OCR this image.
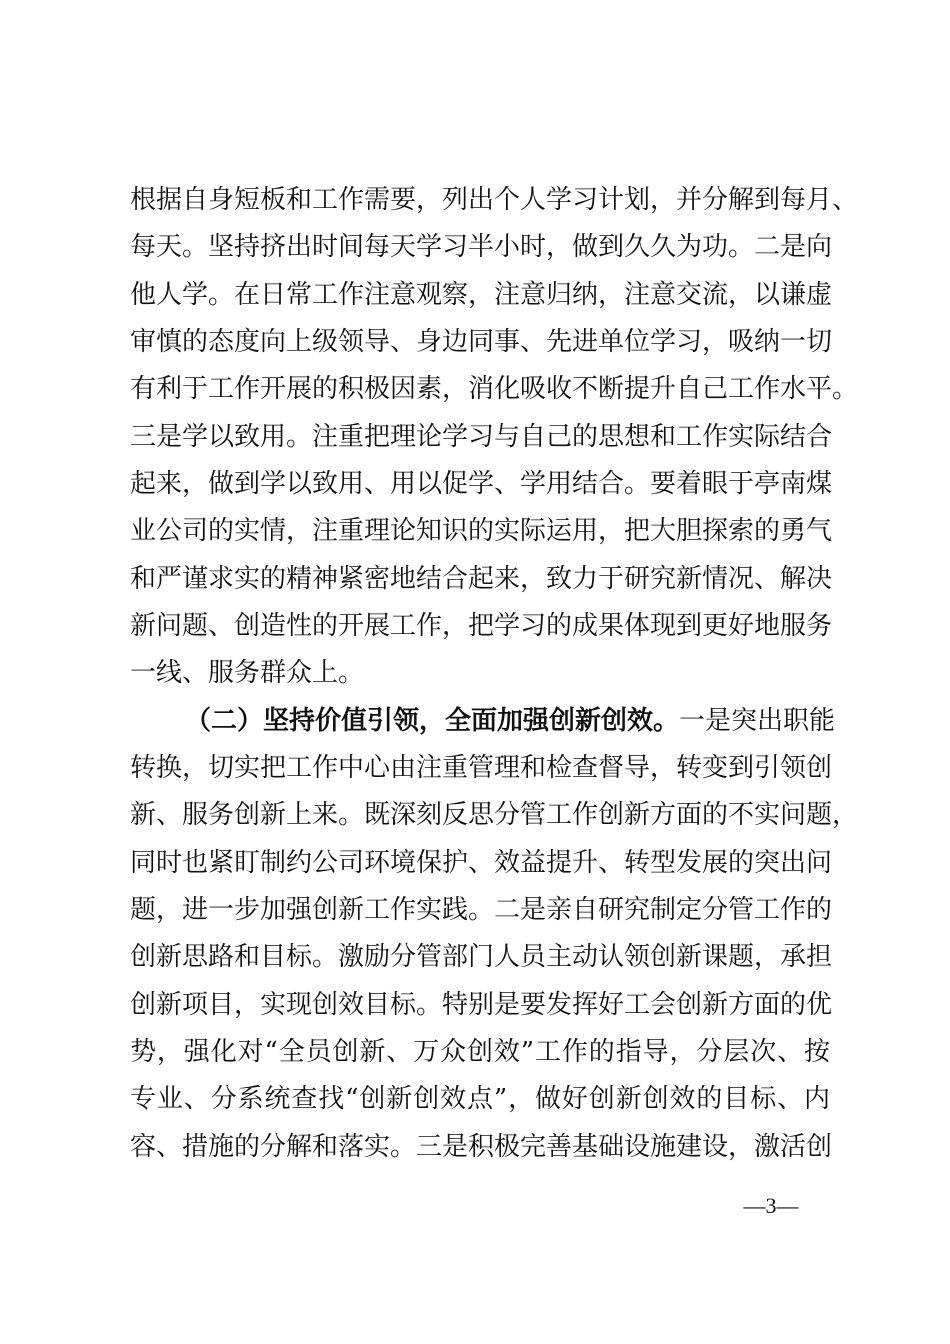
根据自身短板和工作需要，列出个人学习计划，并分解到每月、
每天。坚持挤出时间每天学习半小时，做到久久为功。二是向
他人学。在日常工作注意观察，注意归纳，注意交流，以谦虚
审慎的态度向上级领导、身边同事、先进单位学习，吸纳一切
有利于工作开展的积极因素，消化吸收不断提升自己工作水平。
三是学以致用。注重把理论学习与自己的思想和工作实际结合
起来，做到学以致用、用以促学、学用结合。要着眼于亭南煤
业公司的实情，注重理论知识的实际运用，把大胆探索的勇气
和严谨求实的精神紧密地结合起来，致力于研究新情况、解决
新问题、创造性的开展工作，把学习的成果体现到更好地服务
一线、服务群众上。
（二）坚持价值引领，全面加强创新创效。一是突出职能
转换，切实把工作中心由注重管理和检查督导，转变到引领创
新、服务创新上来。既深刻反思分管工作创新方面的不实问题，
同时也紧盯制约公司环境保护、效益提升、转型发展的突出问
题，进一步加强创新工作实践。二是亲自研究制定分管工作的
创新思路和目标。激励分管部门人员主动认领创新课题，承担
创新项目，实现创效目标。特别是要发挥好工会创新方面的优
势，强化对“全员创新、万众创效”工作的指导，分层次、按
专业、分系统查找“创新创效点”，做好创新创效的目标、内
容、措施的分解和落实。三是积极完善基础设施建设，激活创
—3—
